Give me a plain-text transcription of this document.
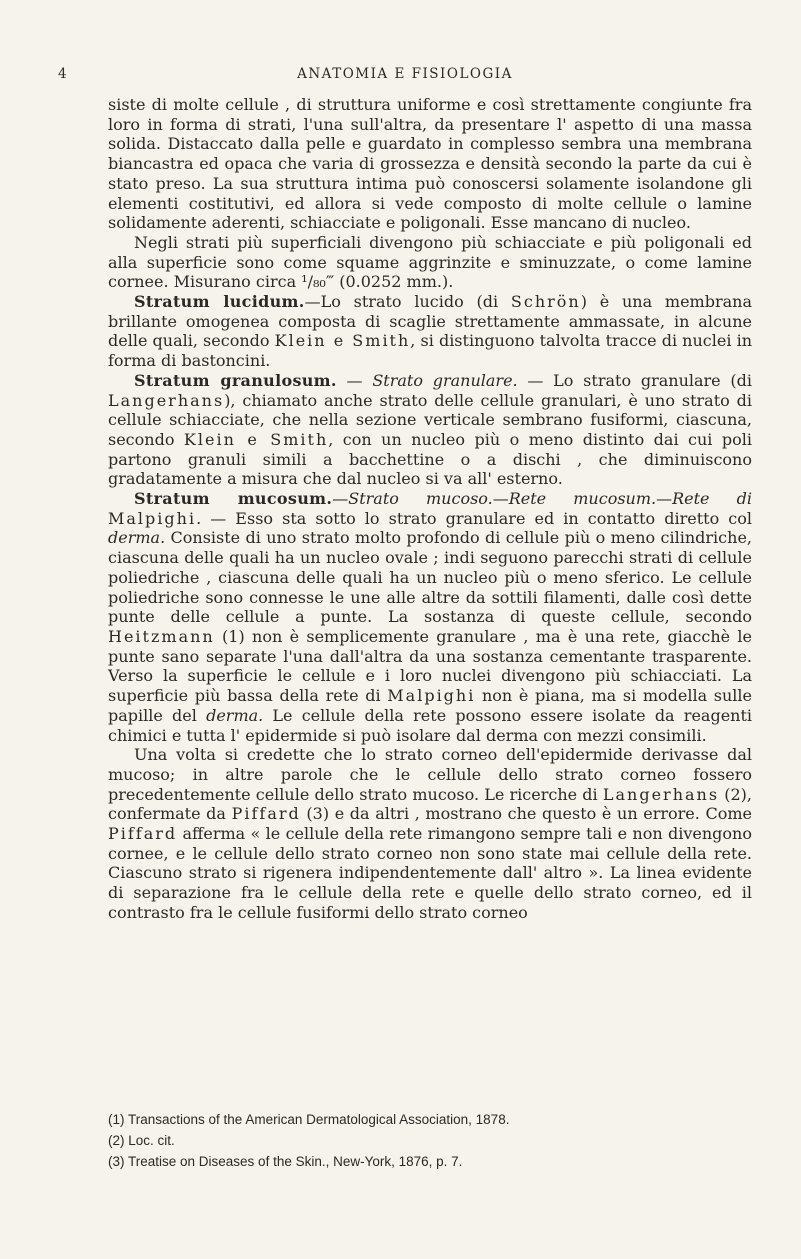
4	ANATOMIA E FISIOLOGIA

siste di molte cellule , di struttura uniforme e così strettamente congiunte fra loro in forma di strati, l'una sull'altra, da presentare l' aspetto di una massa solida. Distaccato dalla pelle e guardato in complesso sembra una membrana biancastra ed opaca che varia di grossezza e densità secondo la parte da cui è stato preso. La sua struttura intima può conoscersi solamente isolandone gli elementi costitutivi, ed allora si vede composto di molte cellule o lamine solidamente aderenti, schiacciate e poligonali. Esse mancano di nucleo.

Negli strati più superficiali divengono più schiacciate e più poligonali ed alla superficie sono come squame aggrinzite e sminuzzate, o come lamine cornee. Misurano circa ¹/₈₀‴ (0.0252 mm.).

Stratum lucidum.—Lo strato lucido (di Schrön) è una membrana brillante omogenea composta di scaglie strettamente ammassate, in alcune delle quali, secondo Klein e Smith, si distinguono talvolta tracce di nuclei in forma di bastoncini.

Stratum granulosum. — Strato granulare. — Lo strato granulare (di Langerhans), chiamato anche strato delle cellule granulari, è uno strato di cellule schiacciate, che nella sezione verticale sembrano fusiformi, ciascuna, secondo Klein e Smith, con un nucleo più o meno distinto dai cui poli partono granuli simili a bacchettine o a dischi , che diminuiscono gradatamente a misura che dal nucleo si va all' esterno.

Stratum mucosum.—Strato mucoso.—Rete mucosum.—Rete di Malpighi. — Esso sta sotto lo strato granulare ed in contatto diretto col derma. Consiste di uno strato molto profondo di cellule più o meno cilindriche, ciascuna delle quali ha un nucleo ovale ; indi seguono parecchi strati di cellule poliedriche , ciascuna delle quali ha un nucleo più o meno sferico. Le cellule poliedriche sono connesse le une alle altre da sottili filamenti, dalle così dette punte delle cellule a punte. La sostanza di queste cellule, secondo Heitzmann (1) non è semplicemente granulare , ma è una rete, giacchè le punte sano separate l'una dall'altra da una sostanza cementante trasparente. Verso la superficie le cellule e i loro nuclei divengono più schiacciati. La superficie più bassa della rete di Malpighi non è piana, ma si modella sulle papille del derma. Le cellule della rete possono essere isolate da reagenti chimici e tutta l' epidermide si può isolare dal derma con mezzi consimili.

Una volta si credette che lo strato corneo dell'epidermide derivasse dal mucoso; in altre parole che le cellule dello strato corneo fossero precedentemente cellule dello strato mucoso. Le ricerche di Langerhans (2), confermate da Piffard (3) e da altri , mostrano che questo è un errore. Come Piffard afferma « le cellule della rete rimangono sempre tali e non divengono cornee, e le cellule dello strato corneo non sono state mai cellule della rete. Ciascuno strato si rigenera indipendentemente dall' altro ». La linea evidente di separazione fra le cellule della rete e quelle dello strato corneo, ed il contrasto fra le cellule fusiformi dello strato corneo

(1) Transactions of the American Dermatological Association, 1878.
(2) Loc. cit.
(3) Treatise on Diseases of the Skin., New-York, 1876, p. 7.
